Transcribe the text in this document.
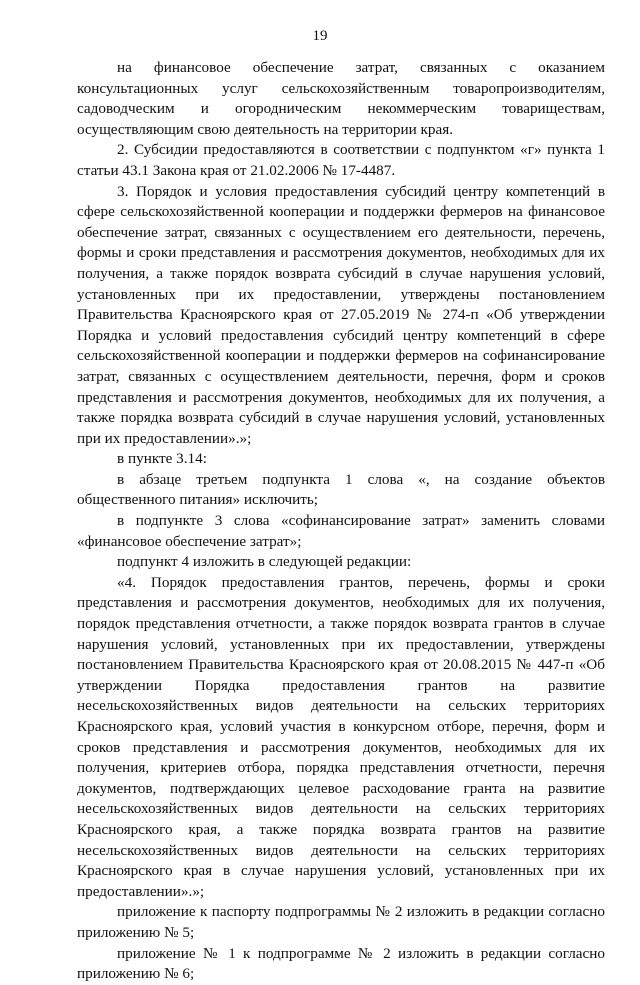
19

на финансовое обеспечение затрат, связанных с оказанием консультационных услуг сельскохозяйственным товаропроизводителям, садоводческим и огородническим некоммерческим товариществам, осуществляющим свою деятельность на территории края.

2. Субсидии предоставляются в соответствии с подпунктом «г» пункта 1 статьи 43.1 Закона края от 21.02.2006 № 17-4487.

3. Порядок и условия предоставления субсидий центру компетенций в сфере сельскохозяйственной кооперации и поддержки фермеров на финансовое обеспечение затрат, связанных с осуществлением его деятельности, перечень, формы и сроки представления и рассмотрения документов, необходимых для их получения, а также порядок возврата субсидий в случае нарушения условий, установленных при их предоставлении, утверждены постановлением Правительства Красноярского края от 27.05.2019 № 274-п «Об утверждении Порядка и условий предоставления субсидий центру компетенций в сфере сельскохозяйственной кооперации и поддержки фермеров на софинансирование затрат, связанных с осуществлением деятельности, перечня, форм и сроков представления и рассмотрения документов, необходимых для их получения, а также порядка возврата субсидий в случае нарушения условий, установленных при их предоставлении».»;

в пункте 3.14:

в абзаце третьем подпункта 1 слова «, на создание объектов общественного питания» исключить;

в подпункте 3 слова «софинансирование затрат» заменить словами «финансовое обеспечение затрат»;

подпункт 4 изложить в следующей редакции:

«4. Порядок предоставления грантов, перечень, формы и сроки представления и рассмотрения документов, необходимых для их получения, порядок представления отчетности, а также порядок возврата грантов в случае нарушения условий, установленных при их предоставлении, утверждены постановлением Правительства Красноярского края от 20.08.2015 № 447-п «Об утверждении Порядка предоставления грантов на развитие несельскохозяйственных видов деятельности на сельских территориях Красноярского края, условий участия в конкурсном отборе, перечня, форм и сроков представления и рассмотрения документов, необходимых для их получения, критериев отбора, порядка представления отчетности, перечня документов, подтверждающих целевое расходование гранта на развитие несельскохозяйственных видов деятельности на сельских территориях Красноярского края, а также порядка возврата грантов на развитие несельскохозяйственных видов деятельности на сельских территориях Красноярского края в случае нарушения условий, установленных при их предоставлении».»;

приложение к паспорту подпрограммы № 2 изложить в редакции согласно приложению № 5;

приложение № 1 к подпрограмме № 2 изложить в редакции согласно приложению № 6;
